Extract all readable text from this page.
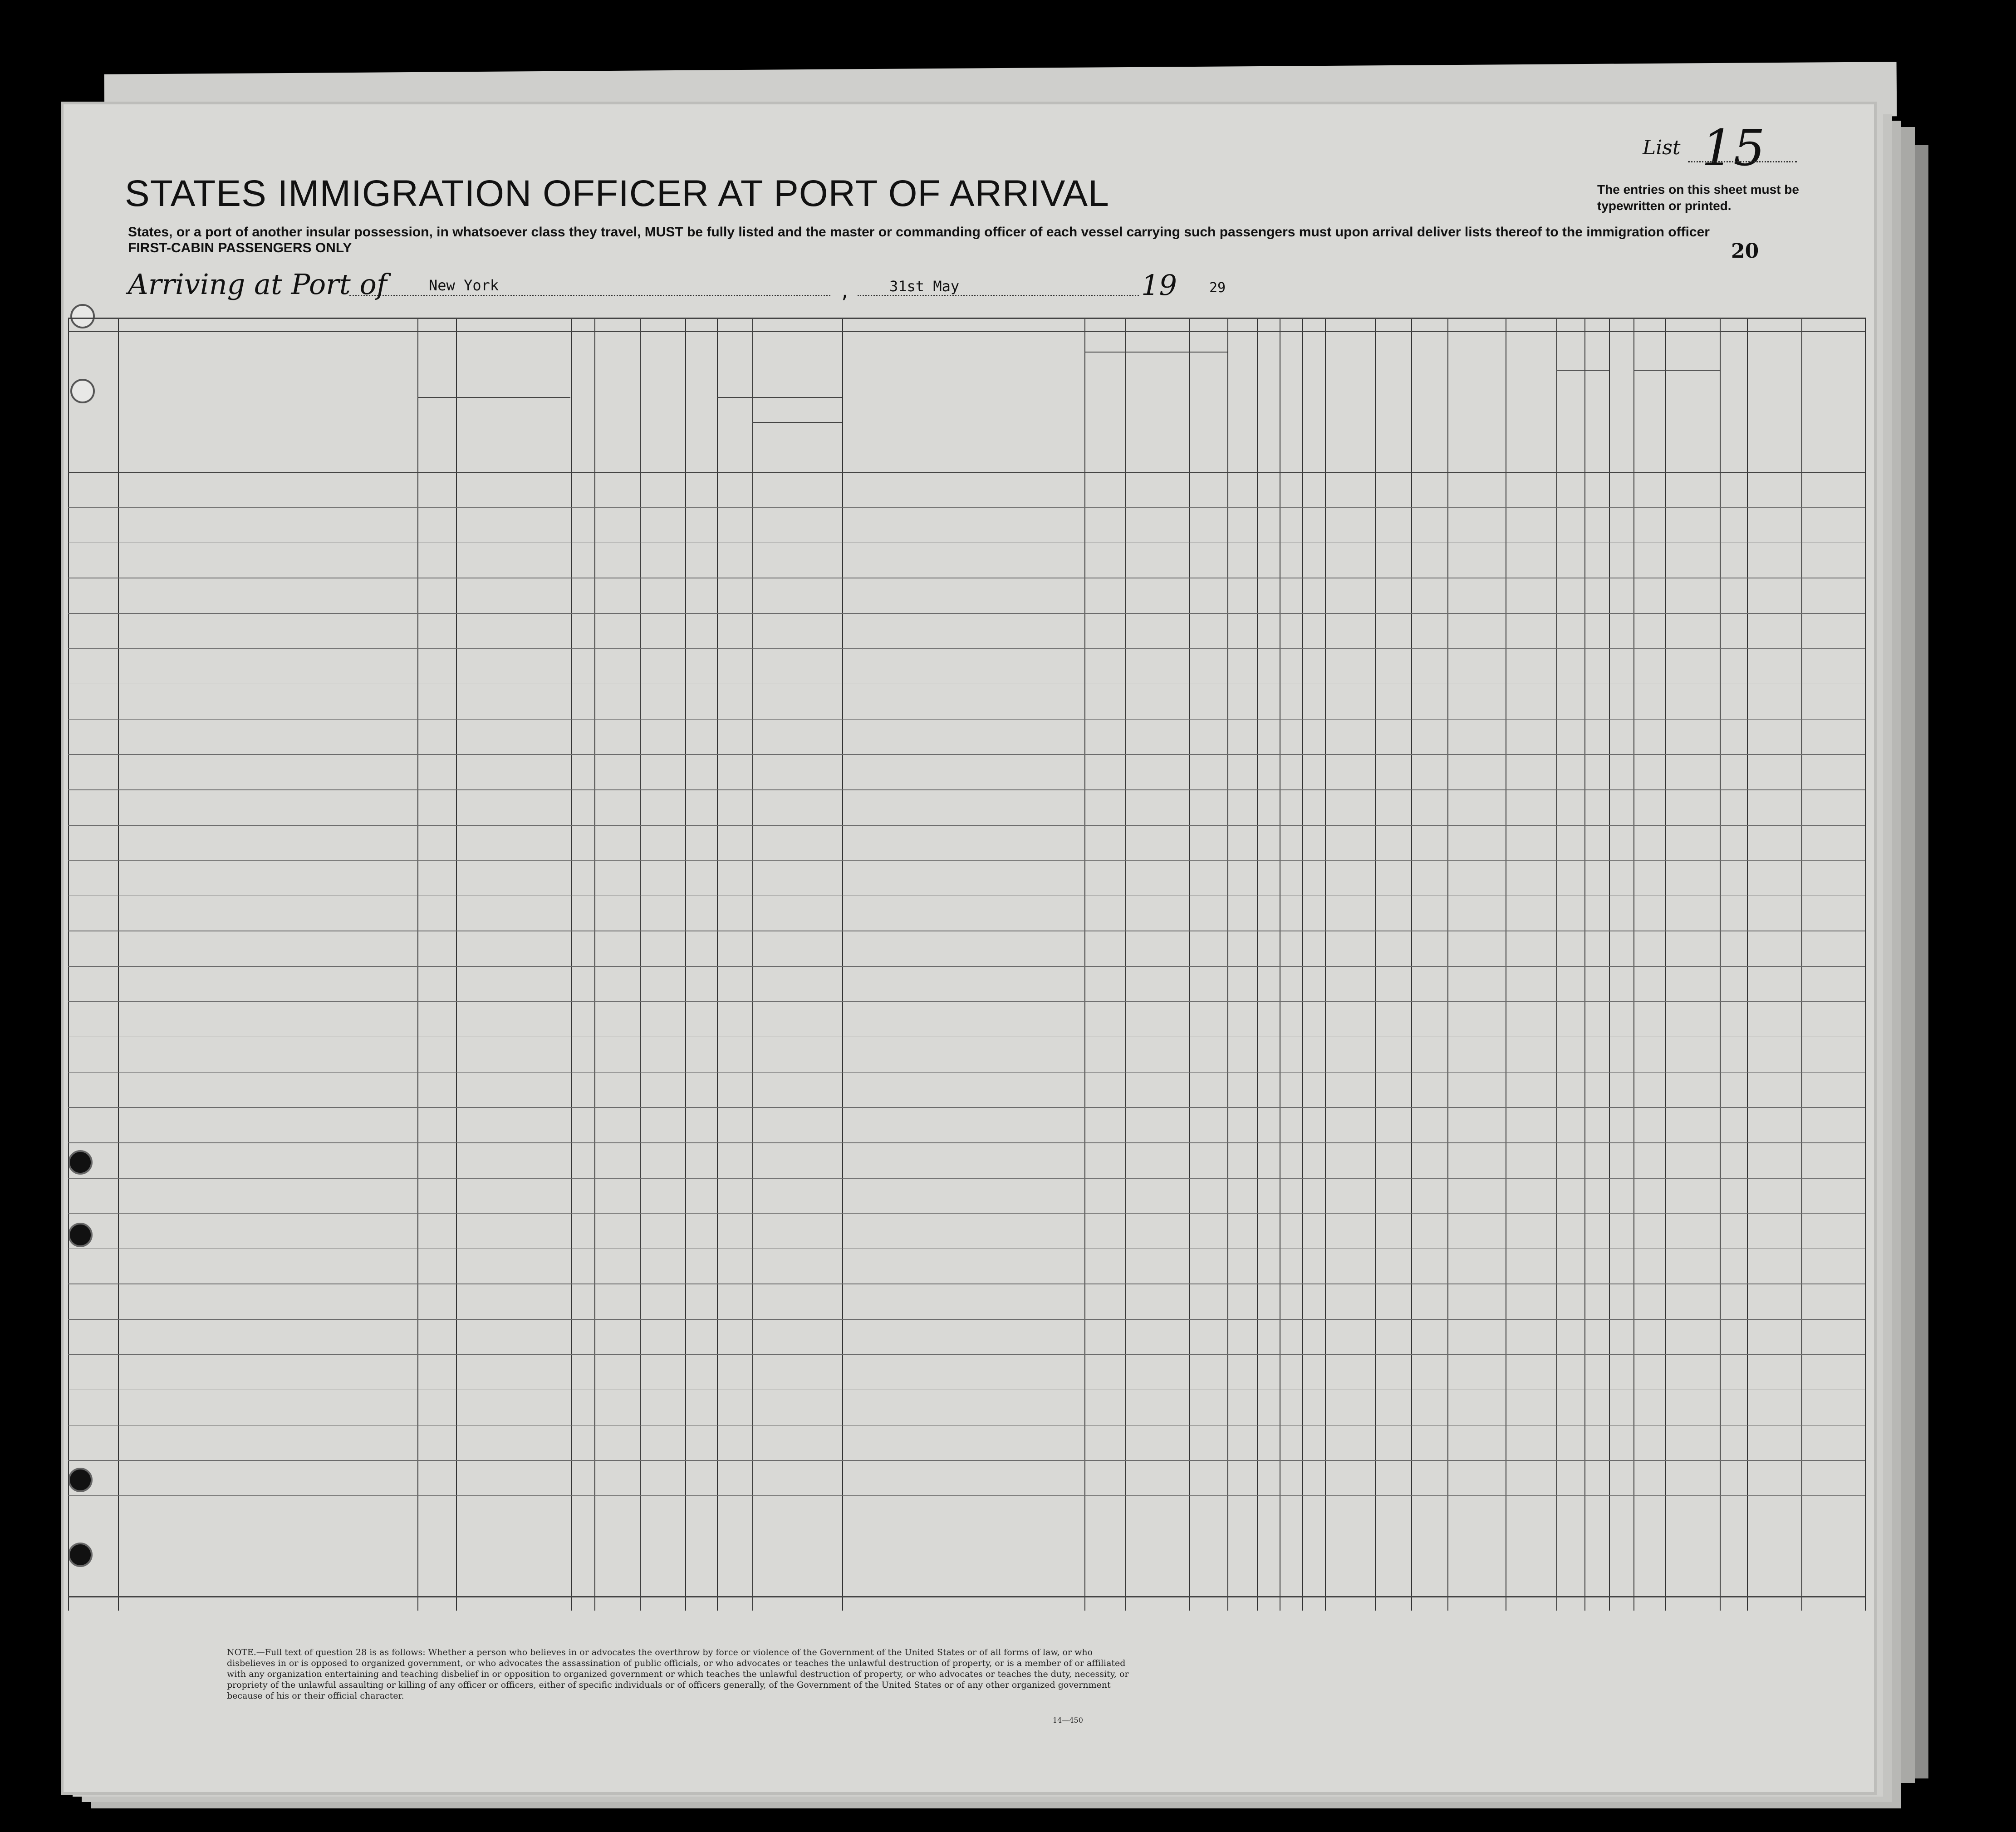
STATES IMMIGRATION OFFICER AT PORT OF ARRIVAL
States, or a port of another insular possession, in whatsoever class they travel, MUST be fully listed and the master or commanding officer of each vessel carrying such passengers must upon arrival deliver lists thereof to the immigration officer
FIRST-CABIN PASSENGERS ONLY
List 15
The entries on this sheet must be typewritten or printed.
20
Arriving at Port of	New York	,	31st May	19 29
NOTE.—Full text of question 28 is as follows: Whether a person who believes in or advocates the overthrow by force or violence of the Government of the United States or of all forms of law, or who disbelieves in or is opposed to organized government, or who advocates the assassination of public officials, or who advocates or teaches the unlawful destruction of property, or is a member of or affiliated with any organization entertaining and teaching disbelief in or opposition to organized government or which teaches the unlawful destruction of property, or who advocates or teaches the duty, necessity, or propriety of the unlawful assaulting or killing of any officer or officers, either of specific individuals or of officers generally, of the Government of the United States or of any other organized government because of his or their official character.
14—450
